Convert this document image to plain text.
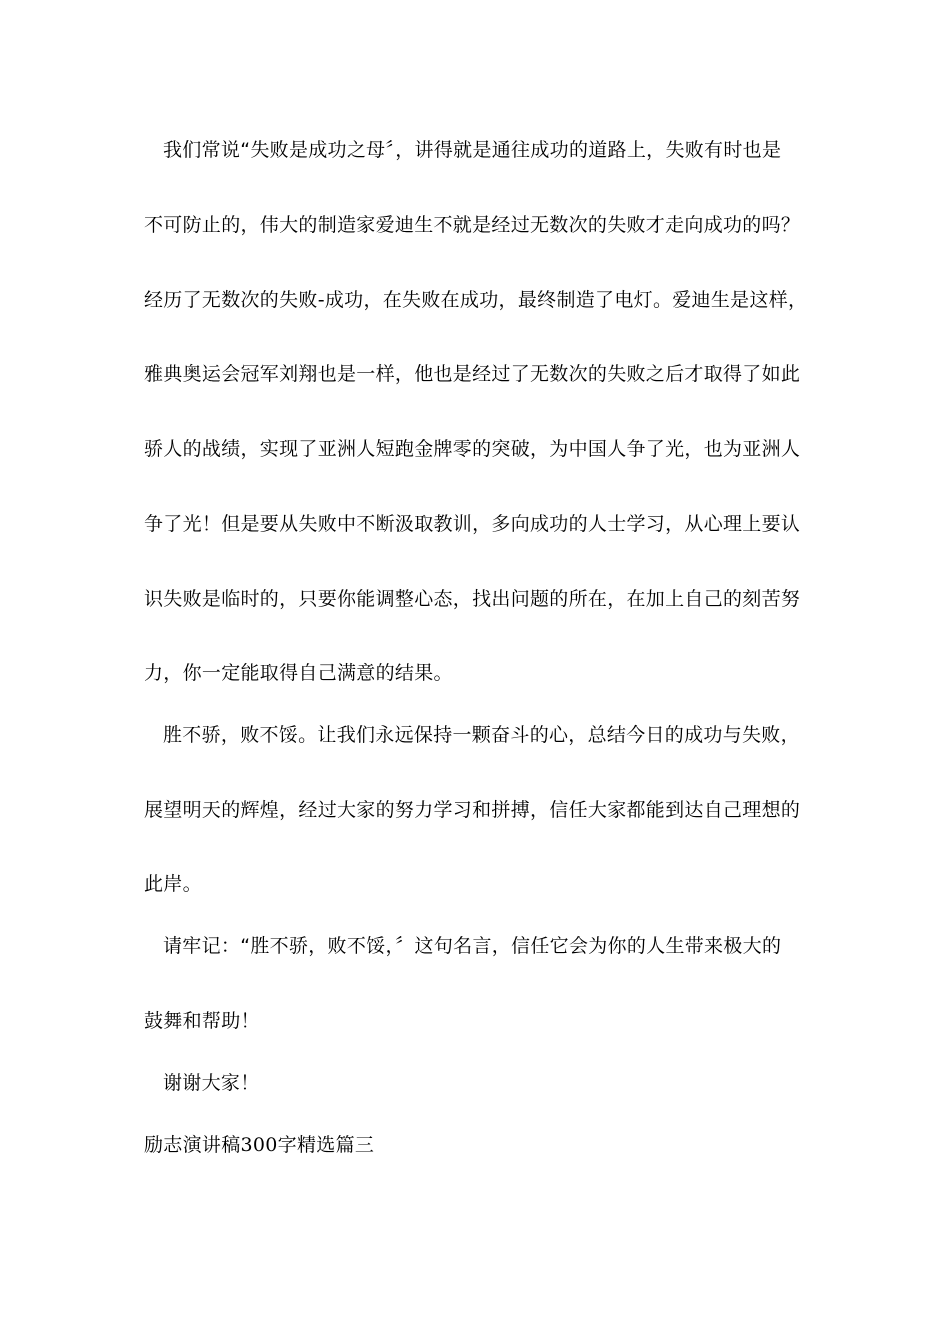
我们常说“失败是成功之母〞，讲得就是通往成功的道路上，失败有时也是
不可防止的，伟大的制造家爱迪生不就是经过无数次的失败才走向成功的吗？
经历了无数次的失败-成功，在失败在成功，最终制造了电灯。爱迪生是这样，
雅典奥运会冠军刘翔也是一样，他也是经过了无数次的失败之后才取得了如此
骄人的战绩，实现了亚洲人短跑金牌零的突破，为中国人争了光，也为亚洲人
争了光！但是要从失败中不断汲取教训，多向成功的人士学习，从心理上要认
识失败是临时的，只要你能调整心态，找出问题的所在，在加上自己的刻苦努
力，你一定能取得自己满意的结果。
胜不骄，败不馁。让我们永远保持一颗奋斗的心，总结今日的成功与失败，
展望明天的辉煌，经过大家的努力学习和拼搏，信任大家都能到达自己理想的
此岸。
请牢记：“胜不骄，败不馁，〞这句名言，信任它会为你的人生带来极大的
鼓舞和帮助！
谢谢大家！
励志演讲稿300字精选篇三
